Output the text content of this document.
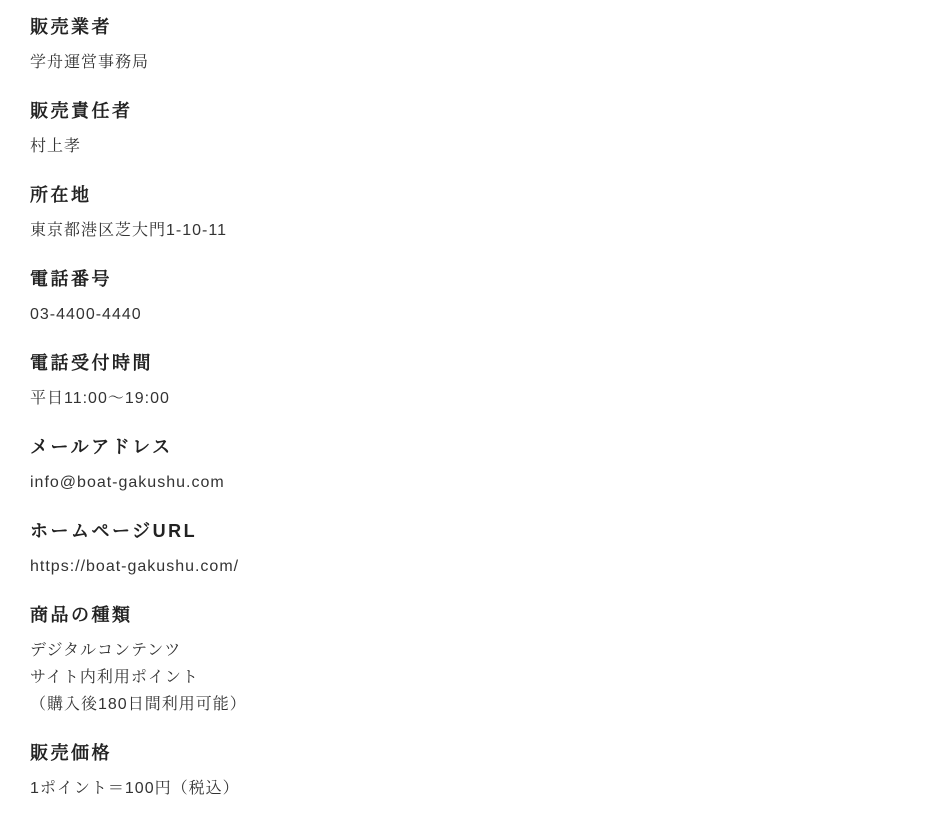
販売業者

学舟運営事務局

販売責任者

村上孝

所在地

東京都港区芝大門1-10-11

電話番号

03-4400-4440

電話受付時間

平日11:00〜19:00

メールアドレス

info@boat-gakushu.com

ホームページURL

https://boat-gakushu.com/

商品の種類

デジタルコンテンツ

サイト内利用ポイント

（購入後180日間利用可能）

販売価格

1ポイント＝100円（税込）
